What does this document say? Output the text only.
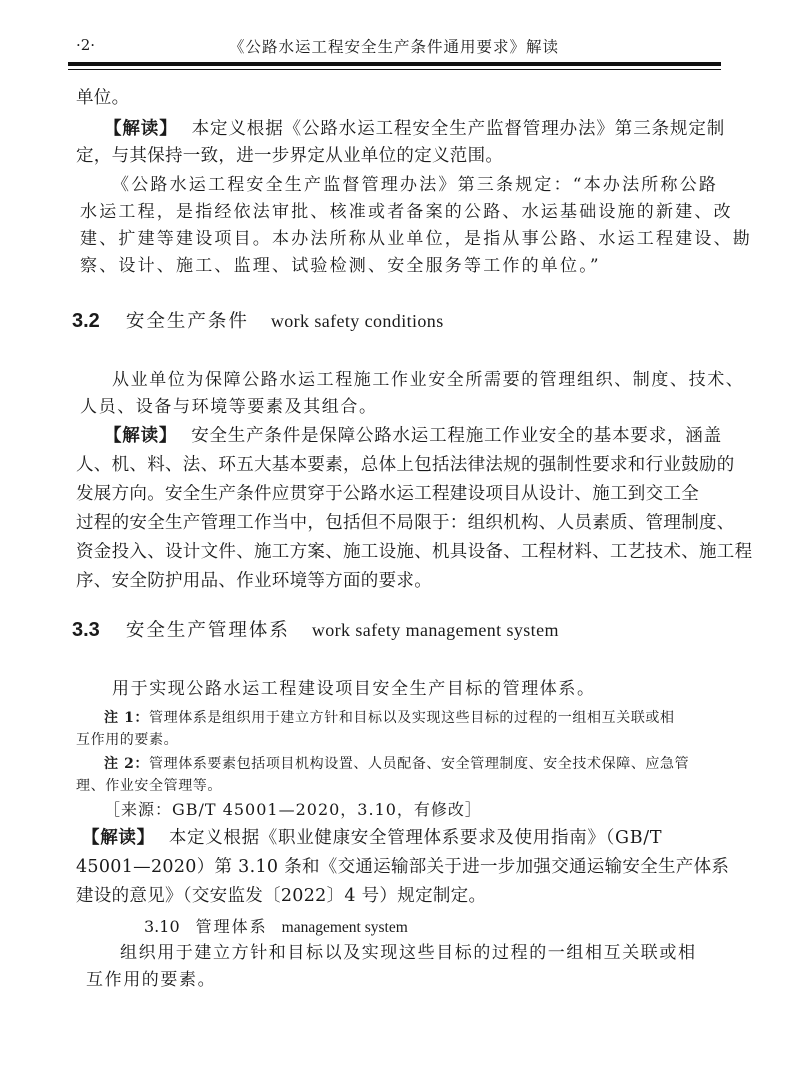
·2·	《公路水运工程安全生产条件通用要求》解读
单位。
【解读】 本定义根据《公路水运工程安全生产监督管理办法》第三条规定制
定，与其保持一致，进一步界定从业单位的定义范围。
《公路水运工程安全生产监督管理办法》第三条规定：“本办法所称公路
水运工程，是指经依法审批、核准或者备案的公路、水运基础设施的新建、改
建、扩建等建设项目。本办法所称从业单位，是指从事公路、水运工程建设、勘
察、设计、施工、监理、试验检测、安全服务等工作的单位。”
3.2 安全生产条件 work safety conditions
从业单位为保障公路水运工程施工作业安全所需要的管理组织、制度、技术、
人员、设备与环境等要素及其组合。
【解读】 安全生产条件是保障公路水运工程施工作业安全的基本要求，涵盖
人、机、料、法、环五大基本要素，总体上包括法律法规的强制性要求和行业鼓励的
发展方向。安全生产条件应贯穿于公路水运工程建设项目从设计、施工到交工全
过程的安全生产管理工作当中，包括但不局限于：组织机构、人员素质、管理制度、
资金投入、设计文件、施工方案、施工设施、机具设备、工程材料、工艺技术、施工程
序、安全防护用品、作业环境等方面的要求。
3.3 安全生产管理体系 work safety management system
用于实现公路水运工程建设项目安全生产目标的管理体系。
注 1：管理体系是组织用于建立方针和目标以及实现这些目标的过程的一组相互关联或相
互作用的要素。
注 2：管理体系要素包括项目机构设置、人员配备、安全管理制度、安全技术保障、应急管
理、作业安全管理等。
［来源：GB/T 45001—2020，3.10，有修改］
【解读】 本定义根据《职业健康安全管理体系要求及使用指南》（GB/T
45001—2020）第 3.10 条和《交通运输部关于进一步加强交通运输安全生产体系
建设的意见》（交安监发〔2022〕4 号）规定制定。
3.10 管理体系 management system
组织用于建立方针和目标以及实现这些目标的过程的一组相互关联或相
互作用的要素。
